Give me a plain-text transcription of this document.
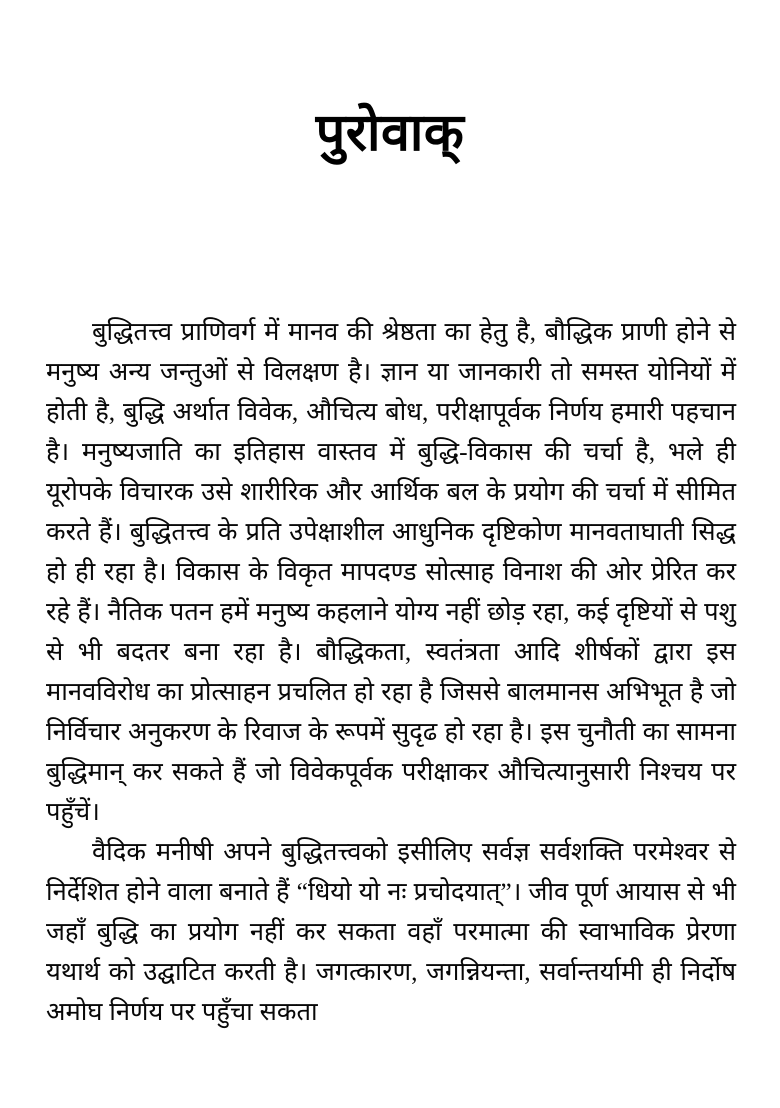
पुरोवाक्

बुद्धितत्त्व प्राणिवर्ग में मानव की श्रेष्ठता का हेतु है, बौद्धिक प्राणी होने से मनुष्य अन्य जन्तुओं से विलक्षण है। ज्ञान या जानकारी तो समस्त योनियों में होती है, बुद्धि अर्थात विवेक, औचित्य बोध, परीक्षापूर्वक निर्णय हमारी पहचान है। मनुष्यजाति का इतिहास वास्तव में बुद्धि-विकास की चर्चा है, भले ही यूरोपके विचारक उसे शारीरिक और आर्थिक बल के प्रयोग की चर्चा में सीमित करते हैं। बुद्धितत्त्व के प्रति उपेक्षाशील आधुनिक दृष्टिकोण मानवताघाती सिद्ध हो ही रहा है। विकास के विकृत मापदण्ड सोत्साह विनाश की ओर प्रेरित कर रहे हैं। नैतिक पतन हमें मनुष्य कहलाने योग्य नहीं छोड़ रहा, कई दृष्टियों से पशु से भी बदतर बना रहा है। बौद्धिकता, स्वतंत्रता आदि शीर्षकों द्वारा इस मानवविरोध का प्रोत्साहन प्रचलित हो रहा है जिससे बालमानस अभिभूत है जो निर्विचार अनुकरण के रिवाज के रूपमें सुदृढ हो रहा है। इस चुनौती का सामना बुद्धिमान् कर सकते हैं जो विवेकपूर्वक परीक्षाकर औचित्यानुसारी निश्चय पर पहुँचें।

वैदिक मनीषी अपने बुद्धितत्त्वको इसीलिए सर्वज्ञ सर्वशक्ति परमेश्वर से निर्देशित होने वाला बनाते हैं “धियो यो नः प्रचोदयात्”। जीव पूर्ण आयास से भी जहाँ बुद्धि का प्रयोग नहीं कर सकता वहाँ परमात्मा की स्वाभाविक प्रेरणा यथार्थ को उद्घाटित करती है। जगत्कारण, जगन्नियन्ता, सर्वान्तर्यामी ही निर्दोष अमोघ निर्णय पर पहुँचा सकता
